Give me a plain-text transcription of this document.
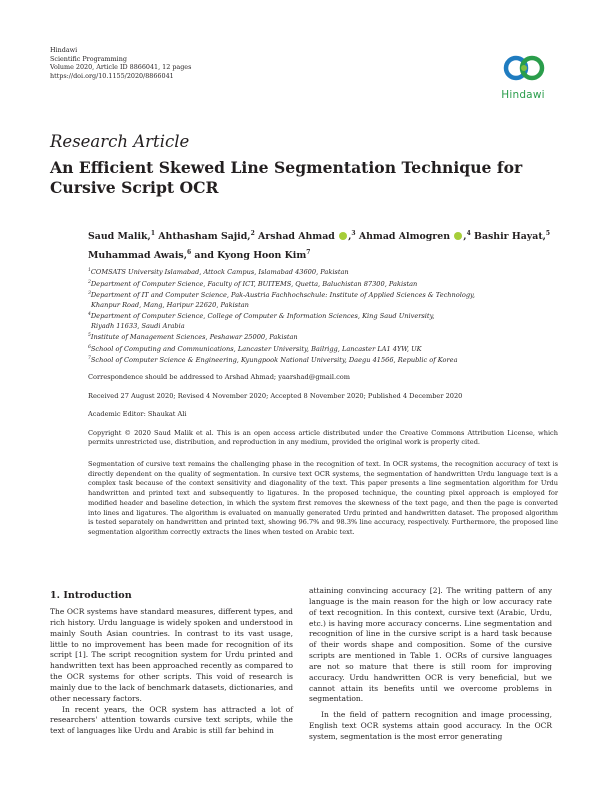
Hindawi
Scientific Programming
Volume 2020, Article ID 8866041, 12 pages
https://doi.org/10.1155/2020/8866041
Hindawi
Research Article
An Efficient Skewed Line Segmentation Technique for Cursive Script OCR
Saud Malik,$^1$ Ahthasham Sajid,$^2$ Arshad Ahmad ,$^3$ Ahmad Almogren ,$^4$ Bashir Hayat,$^5$
Muhammad Awais,$^6$ and Kyong Hoon Kim$^7$
$^1$COMSATS University Islamabad, Attock Campus, Islamabad 43600, Pakistan
$^2$Department of Computer Science, Faculty of ICT, BUITEMS, Quetta, Baluchistan 87300, Pakistan
$^3$Department of IT and Computer Science, Pak-Austria Fachhochschule: Institute of Applied Sciences & Technology,
Khanpur Road, Mang, Haripur 22620, Pakistan
$^4$Department of Computer Science, College of Computer & Information Sciences, King Saud University,
Riyadh 11633, Saudi Arabia
$^5$Institute of Management Sciences, Peshawar 25000, Pakistan
$^6$School of Computing and Communications, Lancaster University, Bailrigg, Lancaster LA1 4YW, UK
$^7$School of Computer Science & Engineering, Kyungpook National University, Daegu 41566, Republic of Korea
Correspondence should be addressed to Arshad Ahmad; yaarshad@gmail.com
Received 27 August 2020; Revised 4 November 2020; Accepted 8 November 2020; Published 4 December 2020
Academic Editor: Shaukat Ali
Copyright © 2020 Saud Malik et al. This is an open access article distributed under the Creative Commons Attribution License, which permits unrestricted use, distribution, and reproduction in any medium, provided the original work is properly cited.
Segmentation of cursive text remains the challenging phase in the recognition of text. In OCR systems, the recognition accuracy of text is directly dependent on the quality of segmentation. In cursive text OCR systems, the segmentation of handwritten Urdu language text is a complex task because of the context sensitivity and diagonality of the text. This paper presents a line segmentation algorithm for Urdu handwritten and printed text and subsequently to ligatures. In the proposed technique, the counting pixel approach is employed for modified header and baseline detection, in which the system first removes the skewness of the text page, and then the page is converted into lines and ligatures. The algorithm is evaluated on manually generated Urdu printed and handwritten dataset. The proposed algorithm is tested separately on handwritten and printed text, showing 96.7% and 98.3% line accuracy, respectively. Furthermore, the proposed line segmentation algorithm correctly extracts the lines when tested on Arabic text.
1. Introduction

The OCR systems have standard measures, different types, and rich history. Urdu language is widely spoken and understood in mainly South Asian countries. In contrast to its vast usage, little to no improvement has been made for recognition of its script [1]. The script recognition system for Urdu printed and handwritten text has been approached recently as compared to the OCR systems for other scripts. This void of research is mainly due to the lack of benchmark datasets, dictionaries, and other necessary factors.

In recent years, the OCR system has attracted a lot of researchers' attention towards cursive text scripts, while the text of languages like Urdu and Arabic is still far behind in

attaining convincing accuracy [2]. The writing pattern of any language is the main reason for the high or low accuracy rate of text recognition. In this context, cursive text (Arabic, Urdu, etc.) is having more accuracy concerns. Line segmentation and recognition of line in the cursive script is a hard task because of their words shape and composition. Some of the cursive scripts are mentioned in Table 1. OCRs of cursive languages are not so mature that there is still room for improving accuracy. Urdu handwritten OCR is very beneficial, but we cannot attain its benefits until we overcome problems in segmentation.

In the field of pattern recognition and image processing, English text OCR systems attain good accuracy. In the OCR system, segmentation is the most error generating
